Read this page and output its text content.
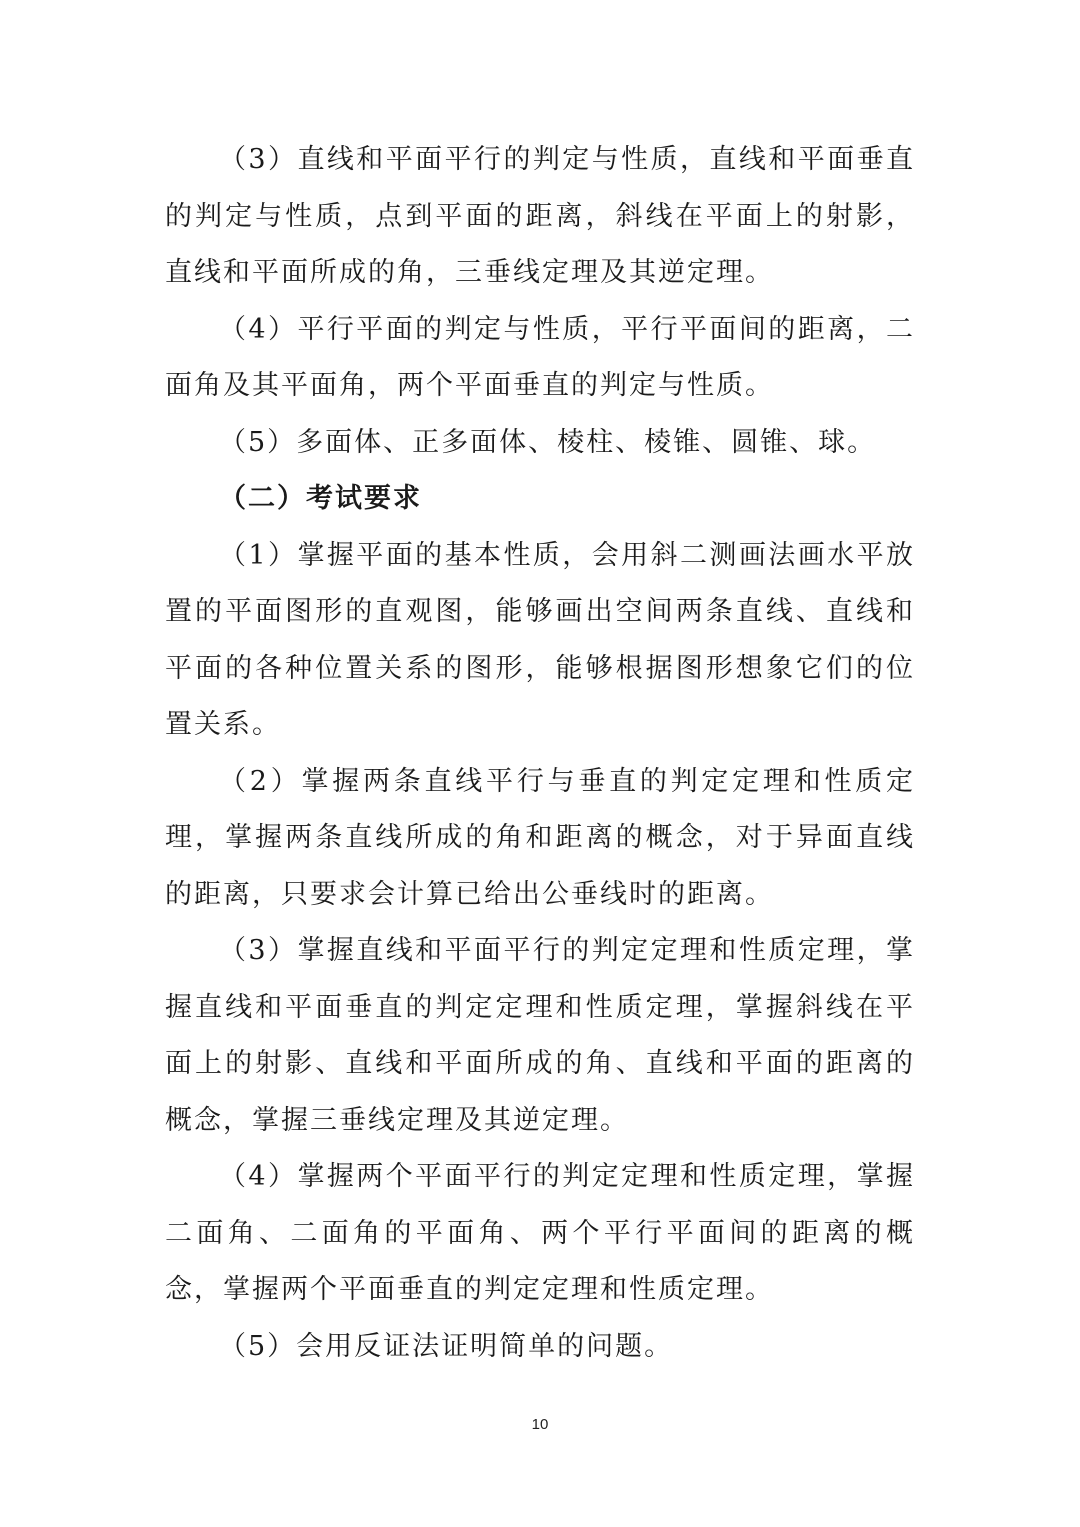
（3）直线和平面平行的判定与性质，直线和平面垂直的判定与性质，点到平面的距离，斜线在平面上的射影，直线和平面所成的角，三垂线定理及其逆定理。

（4）平行平面的判定与性质，平行平面间的距离，二面角及其平面角，两个平面垂直的判定与性质。

（5）多面体、正多面体、棱柱、棱锥、圆锥、球。

（二）考试要求

（1）掌握平面的基本性质，会用斜二测画法画水平放置的平面图形的直观图，能够画出空间两条直线、直线和平面的各种位置关系的图形，能够根据图形想象它们的位置关系。

（2）掌握两条直线平行与垂直的判定定理和性质定理，掌握两条直线所成的角和距离的概念，对于异面直线的距离，只要求会计算已给出公垂线时的距离。

（3）掌握直线和平面平行的判定定理和性质定理，掌握直线和平面垂直的判定定理和性质定理，掌握斜线在平面上的射影、直线和平面所成的角、直线和平面的距离的概念，掌握三垂线定理及其逆定理。

（4）掌握两个平面平行的判定定理和性质定理，掌握二面角、二面角的平面角、两个平行平面间的距离的概念，掌握两个平面垂直的判定定理和性质定理。

（5）会用反证法证明简单的问题。

10
